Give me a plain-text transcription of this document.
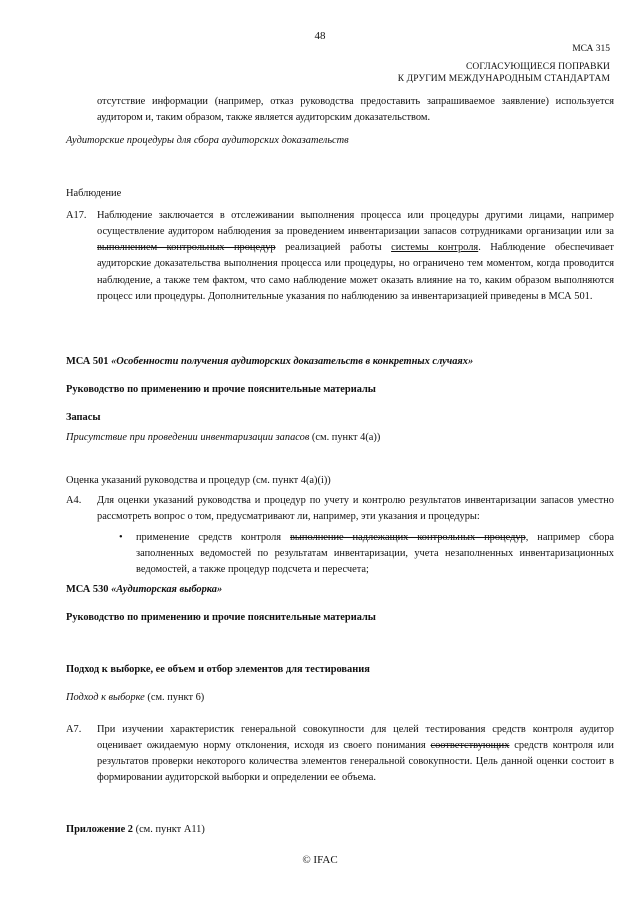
48
МСА 315
СОГЛАСУЮЩИЕСЯ ПОПРАВКИ
К ДРУГИМ МЕЖДУНАРОДНЫМ СТАНДАРТАМ
отсутствие информации (например, отказ руководства предоставить запрашиваемое заявление) используется аудитором и, таким образом, также является аудиторским доказательством.
Аудиторские процедуры для сбора аудиторских доказательств
Наблюдение
A17.	Наблюдение заключается в отслеживании выполнения процесса или процедуры другими лицами, например осуществление аудитором наблюдения за проведением инвентаризации запасов сотрудниками организации или за выполнением контрольных процедур реализацией работы системы контроля. Наблюдение обеспечивает аудиторские доказательства выполнения процесса или процедуры, но ограничено тем моментом, когда проводится наблюдение, а также тем фактом, что само наблюдение может оказать влияние на то, каким образом выполняются процесс или процедуры. Дополнительные указания по наблюдению за инвентаризацией приведены в МСА 501.
МСА 501 «Особенности получения аудиторских доказательств в конкретных случаях»
Руководство по применению и прочие пояснительные материалы
Запасы
Присутствие при проведении инвентаризации запасов (см. пункт 4(а))
Оценка указаний руководства и процедур (см. пункт 4(а)(i))
A4.	Для оценки указаний руководства и процедур по учету и контролю результатов инвентаризации запасов уместно рассмотреть вопрос о том, предусматривают ли, например, эти указания и процедуры:
• применение средств контроля выполнение надлежащих контрольных процедур, например сбора заполненных ведомостей по результатам инвентаризации, учета незаполненных инвентаризационных ведомостей, а также процедур подсчета и пересчета;
МСА 530 «Аудиторская выборка»
Руководство по применению и прочие пояснительные материалы
Подход к выборке, ее объем и отбор элементов для тестирования
Подход к выборке (см. пункт 6)
A7.	При изучении характеристик генеральной совокупности для целей тестирования средств контроля аудитор оценивает ожидаемую норму отклонения, исходя из своего понимания соответствующих средств контроля или результатов проверки некоторого количества элементов генеральной совокупности. Цель данной оценки состоит в формировании аудиторской выборки и определении ее объема.
Приложение 2 (см. пункт А11)
© IFAC
